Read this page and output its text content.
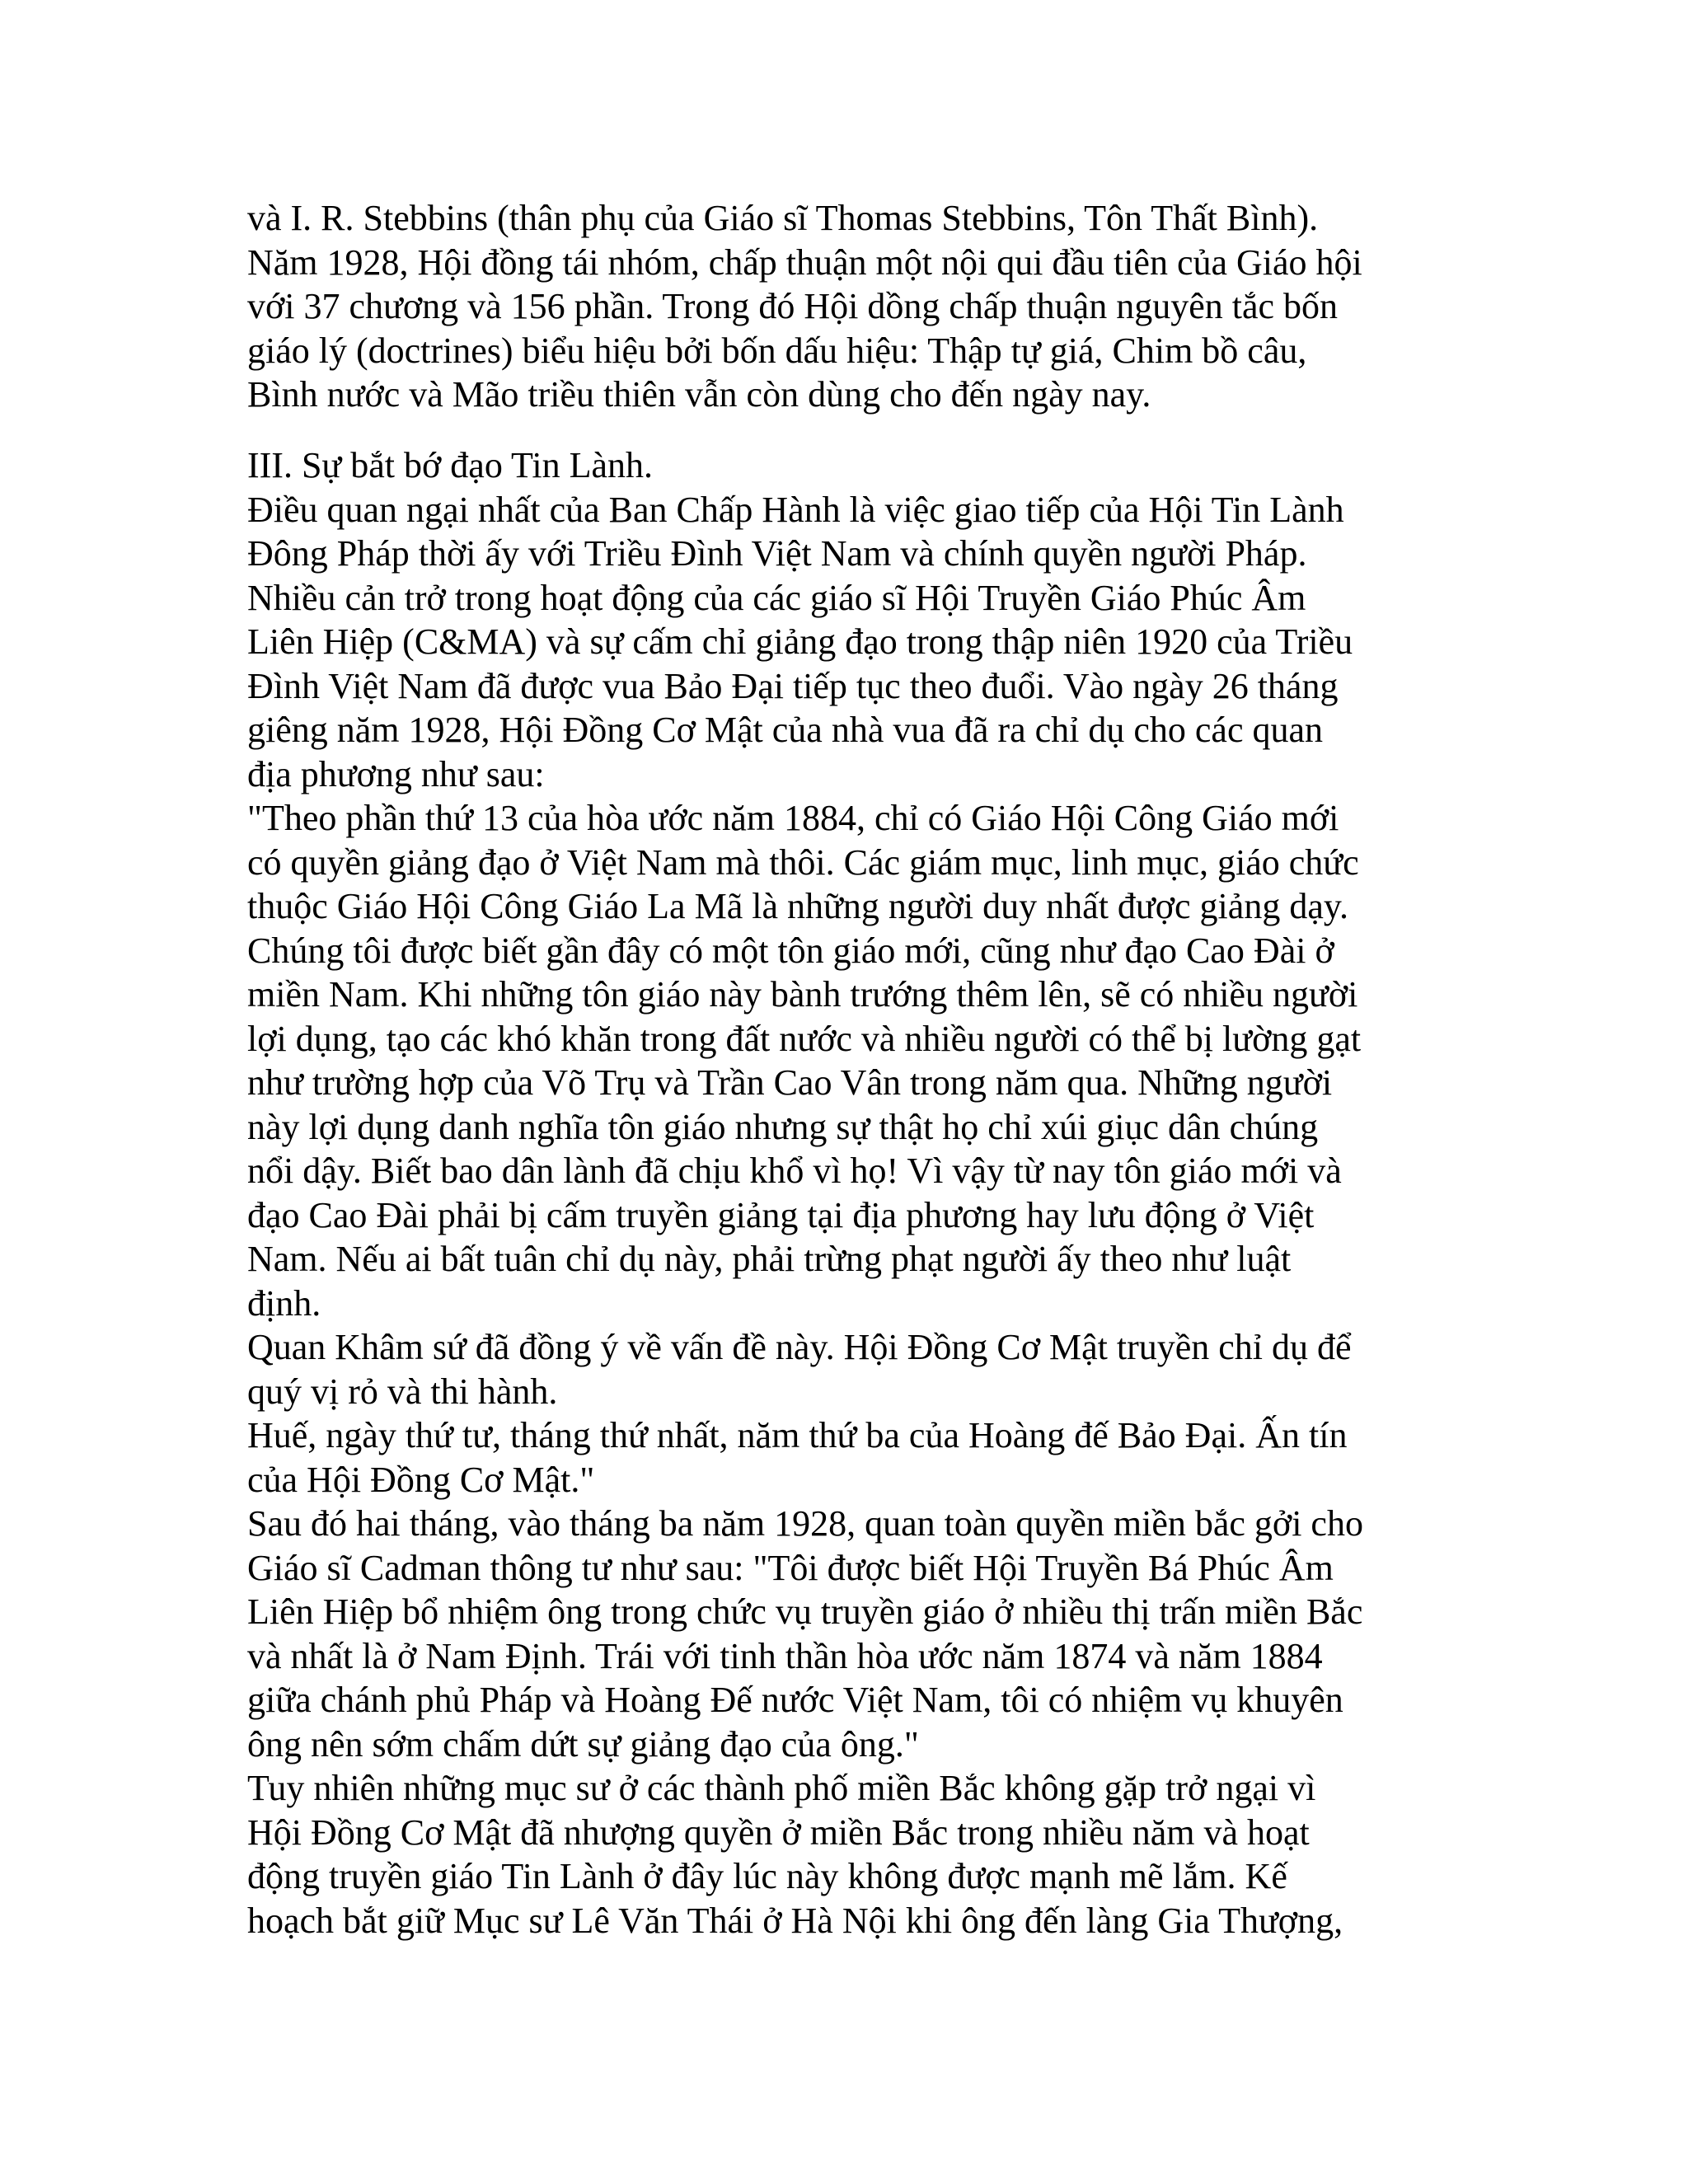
và I. R. Stebbins (thân phụ của Giáo sĩ Thomas Stebbins, Tôn Thất Bình).
Năm 1928, Hội đồng tái nhóm, chấp thuận một nội qui đầu tiên của Giáo hội
với 37 chương và 156 phần. Trong đó Hội dồng chấp thuận nguyên tắc bốn
giáo lý (doctrines) biểu hiệu bởi bốn dấu hiệu: Thập tự giá, Chim bồ câu,
Bình nước và Mão triều thiên vẫn còn dùng cho đến ngày nay.
III. Sự bắt bớ đạo Tin Lành.
Điều quan ngại nhất của Ban Chấp Hành là việc giao tiếp của Hội Tin Lành
Đông Pháp thời ấy với Triều Đình Việt Nam và chính quyền người Pháp.
Nhiều cản trở trong hoạt động của các giáo sĩ Hội Truyền Giáo Phúc Âm
Liên Hiệp (C&MA) và sự cấm chỉ giảng đạo trong thập niên 1920 của Triều
Đình Việt Nam đã được vua Bảo Đại tiếp tục theo đuổi. Vào ngày 26 tháng
giêng năm 1928, Hội Đồng Cơ Mật của nhà vua đã ra chỉ dụ cho các quan
địa phương như sau:
"Theo phần thứ 13 của hòa ước năm 1884, chỉ có Giáo Hội Công Giáo mới
có quyền giảng đạo ở Việt Nam mà thôi. Các giám mục, linh mục, giáo chức
thuộc Giáo Hội Công Giáo La Mã là những người duy nhất được giảng dạy.
Chúng tôi được biết gần đây có một tôn giáo mới, cũng như đạo Cao Đài ở
miền Nam. Khi những tôn giáo này bành trướng thêm lên, sẽ có nhiều người
lợi dụng, tạo các khó khăn trong đất nước và nhiều người có thể bị lường gạt
như trường hợp của Võ Trụ và Trần Cao Vân trong năm qua. Những người
này lợi dụng danh nghĩa tôn giáo nhưng sự thật họ chỉ xúi giục dân chúng
nổi dậy. Biết bao dân lành đã chịu khổ vì họ! Vì vậy từ nay tôn giáo mới và
đạo Cao Đài phải bị cấm truyền giảng tại địa phương hay lưu động ở Việt
Nam. Nếu ai bất tuân chỉ dụ này, phải trừng phạt người ấy theo như luật
định.
Quan Khâm sứ đã đồng ý về vấn đề này. Hội Đồng Cơ Mật truyền chỉ dụ để
quý vị rỏ và thi hành.
Huế, ngày thứ tư, tháng thứ nhất, năm thứ ba của Hoàng đế Bảo Đại. Ấn tín
của Hội Đồng Cơ Mật."
Sau đó hai tháng, vào tháng ba năm 1928, quan toàn quyền miền bắc gởi cho
Giáo sĩ Cadman thông tư như sau: "Tôi được biết Hội Truyền Bá Phúc Âm
Liên Hiệp bổ nhiệm ông trong chức vụ truyền giáo ở nhiều thị trấn miền Bắc
và nhất là ở Nam Định. Trái với tinh thần hòa ước năm 1874 và năm 1884
giữa chánh phủ Pháp và Hoàng Đế nước Việt Nam, tôi có nhiệm vụ khuyên
ông nên sớm chấm dứt sự giảng đạo của ông."
Tuy nhiên những mục sư ở các thành phố miền Bắc không gặp trở ngại vì
Hội Đồng Cơ Mật đã nhượng quyền ở miền Bắc trong nhiều năm và hoạt
động truyền giáo Tin Lành ở đây lúc này không được mạnh mẽ lắm. Kế
hoạch bắt giữ Mục sư Lê Văn Thái ở Hà Nội khi ông đến làng Gia Thượng,
